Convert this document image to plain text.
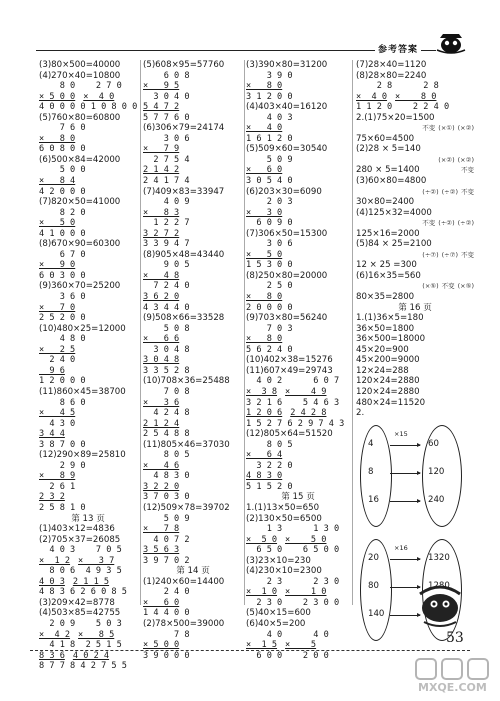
参考答案
(3)80×500=40000
(4)270×40=10800
8 0    2 7 0
× 5 0 0 ×  4 0
4 0 0 0 0 1 0 8 0 0
(5)760×80=60800
7 6 0
×   8 0
6 0 8 0 0
(6)500×84=42000
5 0 0
×   8 4
4 2 0 0 0
(7)820×50=41000
8 2 0
×   5 0
4 1 0 0 0
(8)670×90=60300
6 7 0
×   9 0
6 0 3 0 0
(9)360×70=25200
3 6 0
×   7 0
2 5 2 0 0
(10)480×25=12000
4 8 0
×   2 5
2 4 0
9 6
1 2 0 0 0
(11)860×45=38700
8 6 0
×   4 5
4 3 0
3 4 4
3 8 7 0 0
(12)290×89=25810
2 9 0
×   8 9
2 6 1
2 3 2
2 5 8 1 0
第 13 页
(1)403×12=4836
(2)705×37=26085
4 0 3    7 0 5
×  1 2 ×   3 7
8 0 6  4 9 3 5
4 0 3 2 1 1 5
4 8 3 6 2 6 0 8 5
(3)209×42=8778
(4)503×85=42755
2 0 9    5 0 3
×  4 2 ×   8 5
4 1 8  2 5 1 5
8 3 6 4 0 2 4
8 7 7 8 4 2 7 5 5
(5)608×95=57760
6 0 8
×   9 5
3 0 4 0
5 4 7 2
5 7 7 6 0
(6)306×79=24174
3 0 6
×   7 9
2 7 5 4
2 1 4 2
2 4 1 7 4
(7)409×83=33947
4 0 9
×   8 3
1 2 2 7
3 2 7 2
3 3 9 4 7
(8)905×48=43440
9 0 5
×   4 8
7 2 4 0
3 6 2 0
4 3 4 4 0
(9)508×66=33528
5 0 8
×   6 6
3 0 4 8
3 0 4 8
3 3 5 2 8
(10)708×36=25488
7 0 8
×   3 6
4 2 4 8
2 1 2 4
2 5 4 8 8
(11)805×46=37030
8 0 5
×   4 6
4 8 3 0
3 2 2 0
3 7 0 3 0
(12)509×78=39702
5 0 9
×   7 8
4 0 7 2
3 5 6 3
3 9 7 0 2
第 14 页
(1)240×60=14400
2 4 0
×   6 0
1 4 4 0 0
(2)78×500=39000
7 8
× 5 0 0
3 9 0 0 0
(3)390×80=31200
3 9 0
×   8 0
3 1 2 0 0
(4)403×40=16120
4 0 3
×   4 0
1 6 1 2 0
(5)509×60=30540
5 0 9
×   6 0
3 0 5 4 0
(6)203×30=6090
2 0 3
×   3 0
6 0 9 0
(7)306×50=15300
3 0 6
×   5 0
1 5 3 0 0
(8)250×80=20000
2 5 0
×   8 0
2 0 0 0 0
(9)703×80=56240
7 0 3
×   8 0
5 6 2 4 0
(10)402×38=15276
(11)607×49=29743
4 0 2      6 0 7
×  3 8 ×    4 9
3 2 1 6    5 4 6 3
1 2 0 6 2 4 2 8
1 5 2 7 6 2 9 7 4 3
(12)805×64=51520
8 0 5
×   6 4
3 2 2 0
4 8 3 0
5 1 5 2 0
第 15 页
1.(1)13×50=650
(2)130×50=6500
1 3      1 3 0
×  5 0 ×    5 0
6 5 0    6 5 0 0
(3)23×10=230
(4)230×10=2300
2 3      2 3 0
×  1 0 ×    1 0
2 3 0    2 3 0 0
(5)40×15=600
(6)40×5=200
4 0      4 0
×  1 5 ×    5
6 0 0    2 0 0
(7)28×40=1120
(8)28×80=2240
2 8      2 8
×  4 0 ×    8 0
1 1 2 0    2 2 4 0
2.(1)75×20=1500
不变 (×①) (×②)
75×60=4500
(2)28 × 5=140
(×②) (×②)
280 × 5=1400	不变
(3)60×80=4800
(÷②) (÷②) 不变
30×80=2400
(4)125×32=4000
不变 (÷②) (÷②)
125×16=2000
(5)84 × 25=2100
(÷⑦) (÷⑦) 不变
12 × 25 =300
(6)16×35=560
(×⑤) 不变 (×⑤)
80×35=2800
第 16 页
1.(1)36×5=180
36×50=1800
36×500=18000
45×20=900
45×200=9000
12×24=288
120×24=2880
120×24=2880
480×24=11520
2.
4
8
16
60
120
240
×15
20
80
140
1320
1280
×16
53
MXQE.COM
